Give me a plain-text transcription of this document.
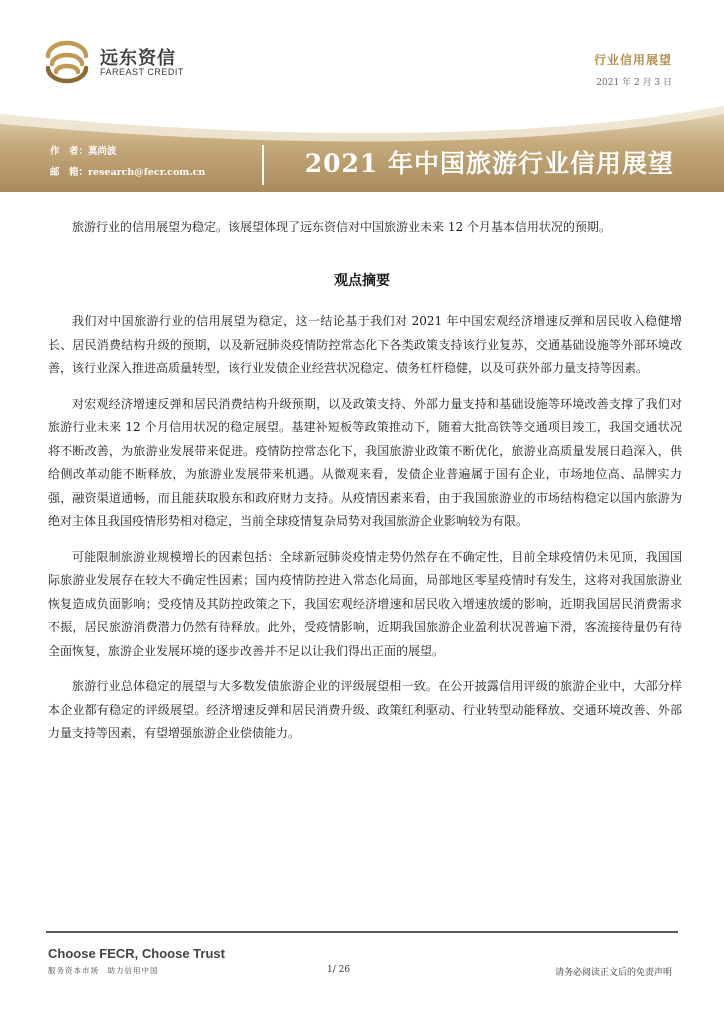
远东资信
FAREAST CREDIT
行业信用展望
2021 年 2 月 3 日
作　者：莫尚波
邮　箱：research@fecr.com.cn	2021 年中国旅游行业信用展望

旅游行业的信用展望为稳定。该展望体现了远东资信对中国旅游业未来 12 个月基本信用状况的预期。

观点摘要

我们对中国旅游行业的信用展望为稳定，这一结论基于我们对 2021 年中国宏观经济增速反弹和居民收入稳健增长、居民消费结构升级的预期，以及新冠肺炎疫情防控常态化下各类政策支持该行业复苏，交通基础设施等外部环境改善，该行业深入推进高质量转型，该行业发债企业经营状况稳定、债务杠杆稳健，以及可获外部力量支持等因素。

对宏观经济增速反弹和居民消费结构升级预期，以及政策支持、外部力量支持和基础设施等环境改善支撑了我们对旅游行业未来 12 个月信用状况的稳定展望。基建补短板等政策推动下，随着大批高铁等交通项目竣工，我国交通状况将不断改善，为旅游业发展带来促进。疫情防控常态化下，我国旅游业政策不断优化，旅游业高质量发展日趋深入，供给侧改革动能不断释放，为旅游业发展带来机遇。从微观来看，发债企业普遍属于国有企业，市场地位高、品牌实力强，融资渠道通畅，而且能获取股东和政府财力支持。从疫情因素来看，由于我国旅游业的市场结构稳定以国内旅游为绝对主体且我国疫情形势相对稳定，当前全球疫情复杂局势对我国旅游企业影响较为有限。

可能限制旅游业规模增长的因素包括：全球新冠肺炎疫情走势仍然存在不确定性，目前全球疫情仍未见顶，我国国际旅游业发展存在较大不确定性因素；国内疫情防控进入常态化局面，局部地区零星疫情时有发生，这将对我国旅游业恢复造成负面影响；受疫情及其防控政策之下，我国宏观经济增速和居民收入增速放缓的影响，近期我国居民消费需求不振，居民旅游消费潜力仍然有待释放。此外，受疫情影响，近期我国旅游企业盈利状况普遍下滑，客流接待量仍有待全面恢复，旅游企业发展环境的逐步改善并不足以让我们得出正面的展望。

旅游行业总体稳定的展望与大多数发债旅游企业的评级展望相一致。在公开披露信用评级的旅游企业中，大部分样本企业都有稳定的评级展望。经济增速反弹和居民消费升级、政策红利驱动、行业转型动能释放、交通环境改善、外部力量支持等因素，有望增强旅游企业偿债能力。

Choose FECR, Choose Trust
服务资本市场　助力信用中国	1/ 26	请务必阅读正文后的免责声明
